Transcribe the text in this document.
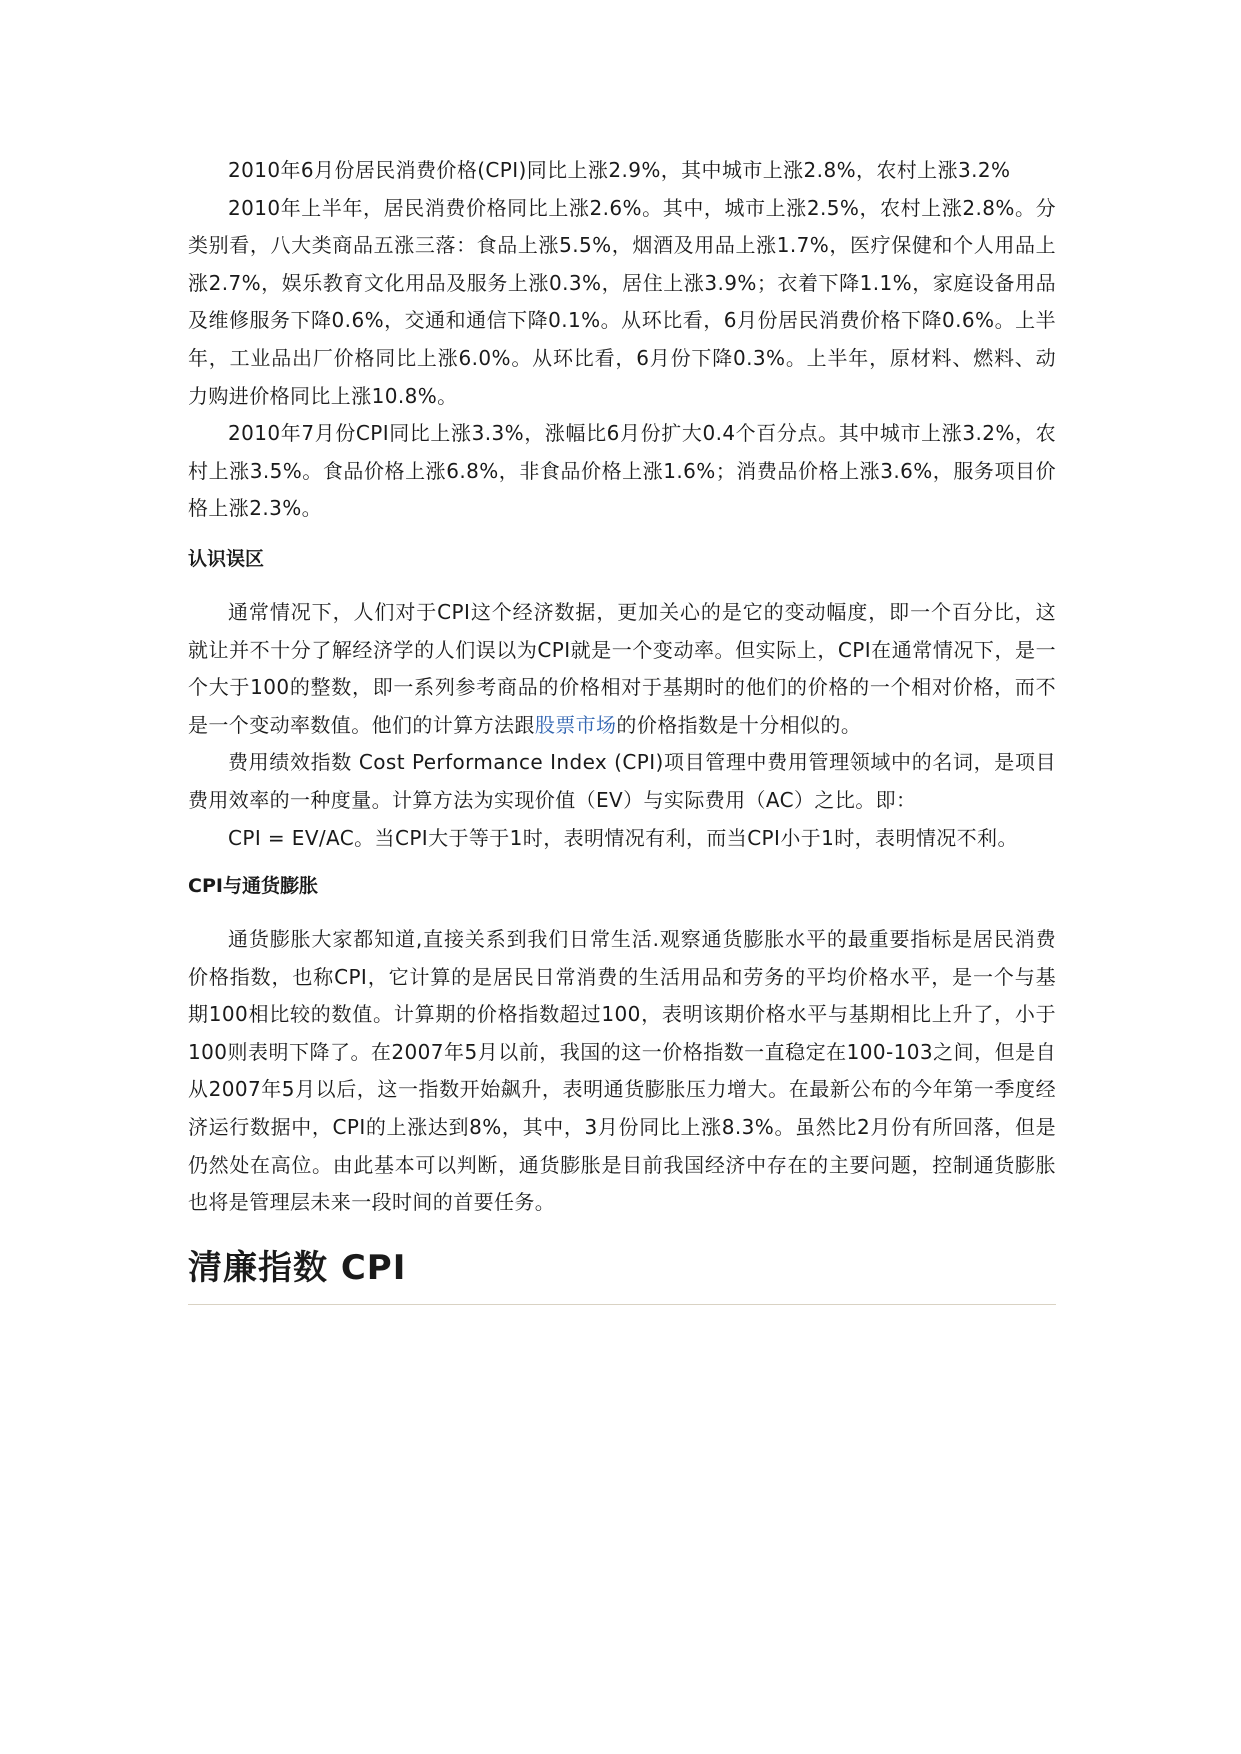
2010年6月份居民消费价格(CPI)同比上涨2.9%，其中城市上涨2.8%，农村上涨3.2%

2010年上半年，居民消费价格同比上涨2.6%。其中，城市上涨2.5%，农村上涨2.8%。分类别看，八大类商品五涨三落：食品上涨5.5%，烟酒及用品上涨1.7%，医疗保健和个人用品上涨2.7%，娱乐教育文化用品及服务上涨0.3%，居住上涨3.9%；衣着下降1.1%，家庭设备用品及维修服务下降0.6%，交通和通信下降0.1%。从环比看，6月份居民消费价格下降0.6%。上半年，工业品出厂价格同比上涨6.0%。从环比看，6月份下降0.3%。上半年，原材料、燃料、动力购进价格同比上涨10.8%。

2010年7月份CPI同比上涨3.3%，涨幅比6月份扩大0.4个百分点。其中城市上涨3.2%，农村上涨3.5%。食品价格上涨6.8%，非食品价格上涨1.6%；消费品价格上涨3.6%，服务项目价格上涨2.3%。

认识误区

通常情况下，人们对于CPI这个经济数据，更加关心的是它的变动幅度，即一个百分比，这就让并不十分了解经济学的人们误以为CPI就是一个变动率。但实际上，CPI在通常情况下，是一个大于100的整数，即一系列参考商品的价格相对于基期时的他们的价格的一个相对价格，而不是一个变动率数值。他们的计算方法跟股票市场的价格指数是十分相似的。

费用绩效指数 Cost Performance Index (CPI)项目管理中费用管理领域中的名词，是项目费用效率的一种度量。计算方法为实现价值（EV）与实际费用（AC）之比。即：

CPI = EV/AC。当CPI大于等于1时，表明情况有利，而当CPI小于1时，表明情况不利。

CPI与通货膨胀

通货膨胀大家都知道,直接关系到我们日常生活.观察通货膨胀水平的最重要指标是居民消费价格指数，也称CPI，它计算的是居民日常消费的生活用品和劳务的平均价格水平，是一个与基期100相比较的数值。计算期的价格指数超过100，表明该期价格水平与基期相比上升了，小于100则表明下降了。在2007年5月以前，我国的这一价格指数一直稳定在100-103之间，但是自从2007年5月以后，这一指数开始飙升，表明通货膨胀压力增大。在最新公布的今年第一季度经济运行数据中，CPI的上涨达到8%，其中，3月份同比上涨8.3%。虽然比2月份有所回落，但是仍然处在高位。由此基本可以判断，通货膨胀是目前我国经济中存在的主要问题，控制通货膨胀也将是管理层未来一段时间的首要任务。

清廉指数 CPI
